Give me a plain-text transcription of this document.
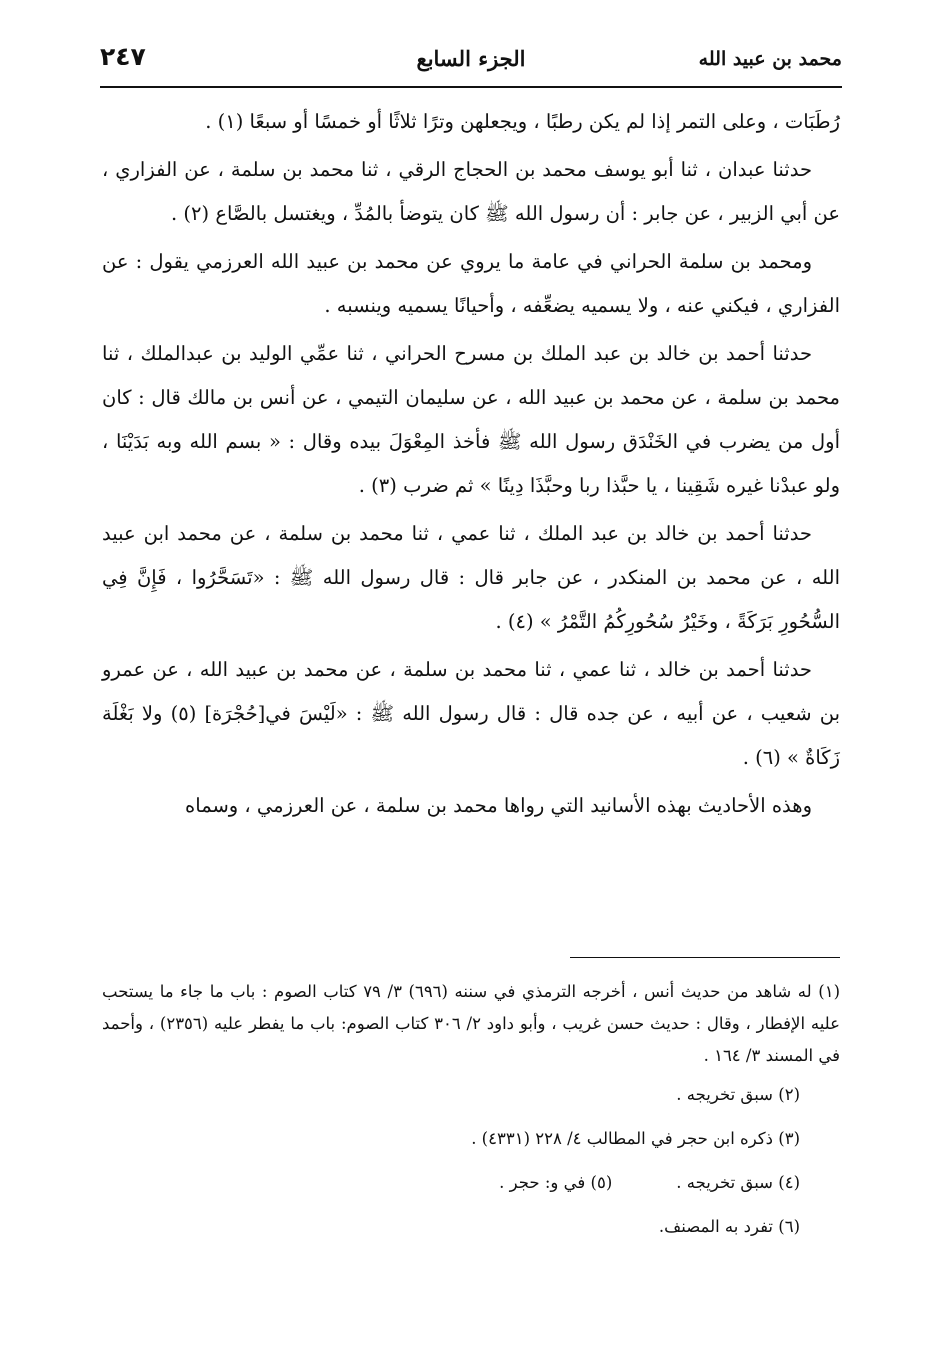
٢٤٧	الجزء السابع	محمد بن عبيد الله

رُطَبَات ، وعلى التمر إذا لم يكن رطبًا ، ويجعلهن وترًا ثلاثًا أو خمسًا أو سبعًا (١) .

حدثنا عبدان ، ثنا أبو يوسف محمد بن الحجاج الرقي ، ثنا محمد بن سلمة ، عن الفزاري ، عن أبي الزبير ، عن جابر : أن رسول الله ﷺ كان يتوضأ بالمُدِّ ، ويغتسل بالصَّاع (٢) .

ومحمد بن سلمة الحراني في عامة ما يروي عن محمد بن عبيد الله العرزمي يقول : عن الفزاري ، فيكني عنه ، ولا يسميه يضعِّفه ، وأحيانًا يسميه وينسبه .

حدثنا أحمد بن خالد بن عبد الملك بن مسرح الحراني ، ثنا عمِّي الوليد بن عبدالملك ، ثنا محمد بن سلمة ، عن محمد بن عبيد الله ، عن سليمان التيمي ، عن أنس بن مالك قال : كان أول من يضرب في الخَنْدَق رسول الله ﷺ فأخذ المِعْوَلَ بيده وقال : « بسم الله وبه بَدَيْنَا ، ولو عبدْنا غيره شَقِينا ، يا حبَّذا ربا وحبَّذَا دِينًا » ثم ضرب (٣) .

حدثنا أحمد بن خالد بن عبد الملك ، ثنا عمي ، ثنا محمد بن سلمة ، عن محمد ابن عبيد الله ، عن محمد بن المنكدر ، عن جابر قال : قال رسول الله ﷺ : «تَسَحَّرُوا ، فَإِنَّ فِي السُّحُورِ بَرَكَةً ، وخَيْرُ سُحُورِكُمُ التَّمْرُ » (٤) .

حدثنا أحمد بن خالد ، ثنا عمي ، ثنا محمد بن سلمة ، عن محمد بن عبيد الله ، عن عمرو بن شعيب ، عن أبيه ، عن جده قال : قال رسول الله ﷺ : «لَيْسَ في[حُجْرَة] (٥) ولا بَغْلَة زَكَاةٌ » (٦) .

وهذه الأحاديث بهذه الأسانيد التي رواها محمد بن سلمة ، عن العرزمي ، وسماه

(١) له شاهد من حديث أنس ، أخرجه الترمذي في سننه (٦٩٦) ٣/ ٧٩ كتاب الصوم : باب ما جاء ما يستحب عليه الإفطار ، وقال : حديث حسن غريب ، وأبو داود ٢/ ٣٠٦ كتاب الصوم: باب ما يفطر عليه (٢٣٥٦) ، وأحمد في المسند ٣/ ١٦٤ .

(٢) سبق تخريجه .

(٣) ذكره ابن حجر في المطالب ٤/ ٢٢٨ (٤٣٣١) .

(٤) سبق تخريجه .
(٥) في و: حجر .

(٦) تفرد به المصنف.
